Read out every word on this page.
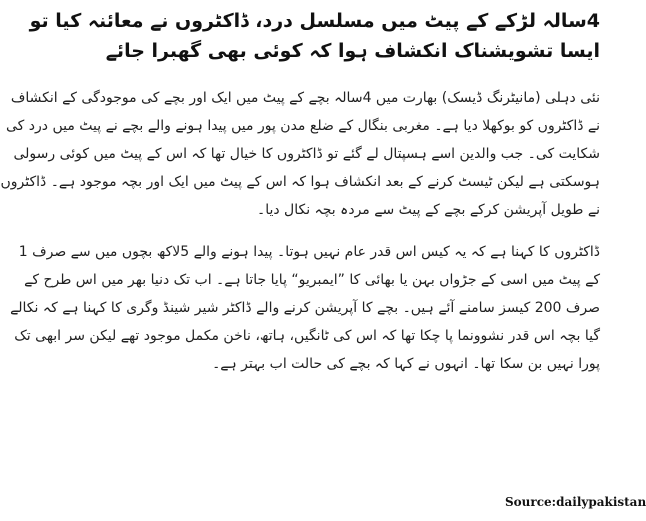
4سالہ لڑکے کے پیٹ میں مسلسل درد، ڈاکٹروں نے معائنہ کیا تو ایسا تشویشناک انکشاف ہوا کہ کوئی بھی گھبرا جائے

نئی دہلی (مانیٹرنگ ڈیسک) بھارت میں 4سالہ بچے کے پیٹ میں ایک اور بچے کی موجودگی کے انکشاف نے ڈاکٹروں کو بوکھلا دیا ہے۔ مغربی بنگال کے ضلع مدن پور میں پیدا ہونے والے بچے نے پیٹ میں درد کی شکایت کی۔ جب والدین اسے ہسپتال لے گئے تو ڈاکٹروں کا خیال تھا کہ اس کے پیٹ میں کوئی رسولی ہوسکتی ہے لیکن ٹیسٹ کرنے کے بعد انکشاف ہوا کہ اس کے پیٹ میں ایک اور بچہ موجود ہے۔ ڈاکٹروں نے طویل آپریشن کرکے بچے کے پیٹ سے مردہ بچہ نکال دیا۔

ڈاکٹروں کا کہنا ہے کہ یہ کیس اس قدر عام نہیں ہوتا۔ پیدا ہونے والے 5لاکھ بچوں میں سے صرف 1 کے پیٹ میں اسی کے جڑواں بہن یا بھائی کا ”ایمبریو“ پایا جاتا ہے۔ اب تک دنیا بھر میں اس طرح کے صرف 200 کیسز سامنے آئے ہیں۔ بچے کا آپریشن کرنے والے ڈاکٹر شیر شینڈ وگری کا کہنا ہے کہ نکالے گیا بچہ اس قدر نشوونما پا چکا تھا کہ اس کی ٹانگیں، ہاتھ، ناخن مکمل موجود تھے لیکن سر ابھی تک پورا نہیں بن سکا تھا۔ انہوں نے کہا کہ بچے کی حالت اب بہتر ہے۔

Source:dailypakistan
